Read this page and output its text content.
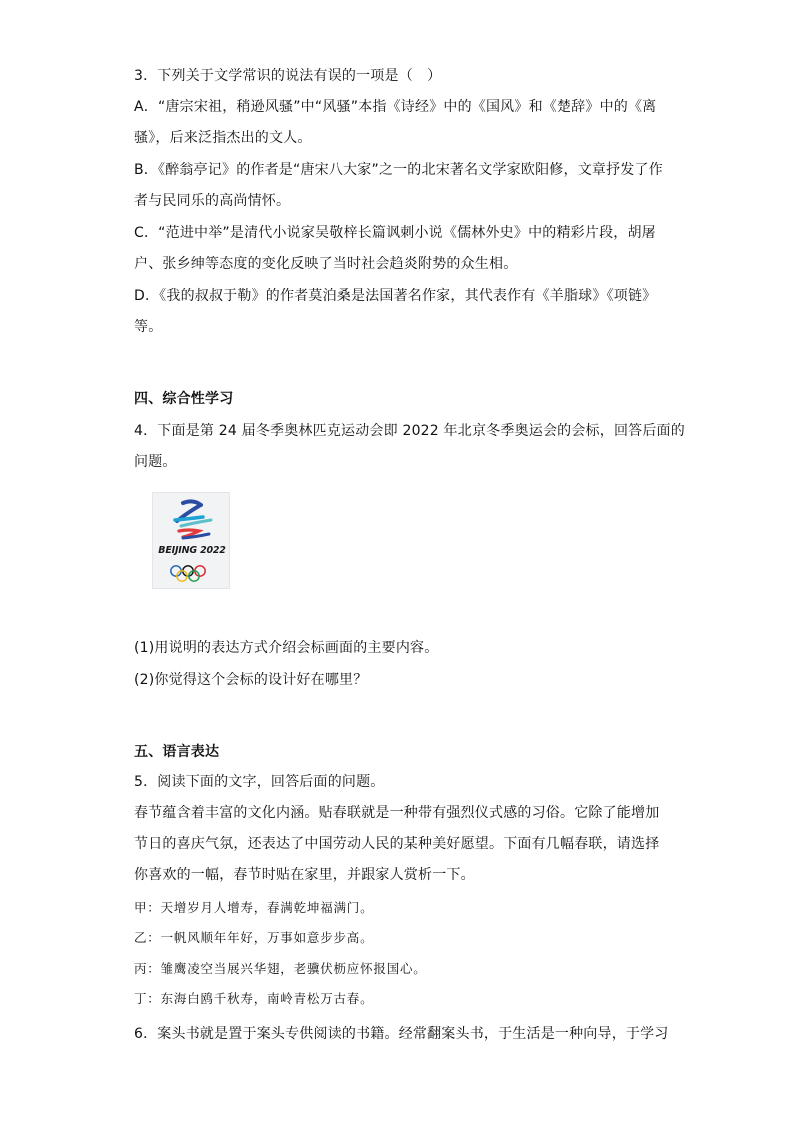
3．下列关于文学常识的说法有误的一项是（　）
A．“唐宗宋祖，稍逊风骚”中“风骚”本指《诗经》中的《国风》和《楚辞》中的《离
骚》，后来泛指杰出的文人。
B．《醉翁亭记》的作者是“唐宋八大家”之一的北宋著名文学家欧阳修，文章抒发了作
者与民同乐的高尚情怀。
C．“范进中举”是清代小说家吴敬梓长篇讽刺小说《儒林外史》中的精彩片段，胡屠
户、张乡绅等态度的变化反映了当时社会趋炎附势的众生相。
D．《我的叔叔于勒》的作者莫泊桑是法国著名作家，其代表作有《羊脂球》《项链》
等。
四、综合性学习
4．下面是第 24 届冬季奥林匹克运动会即 2022 年北京冬季奥运会的会标，回答后面的
问题。
BEIJING 2022
(1)用说明的表达方式介绍会标画面的主要内容。
(2)你觉得这个会标的设计好在哪里？
五、语言表达
5．阅读下面的文字，回答后面的问题。
春节蕴含着丰富的文化内涵。贴春联就是一种带有强烈仪式感的习俗。它除了能增加
节日的喜庆气氛，还表达了中国劳动人民的某种美好愿望。下面有几幅春联，请选择
你喜欢的一幅，春节时贴在家里，并跟家人赏析一下。
甲：天增岁月人增寿，春满乾坤福满门。
乙：一帆风顺年年好，万事如意步步高。
丙：雏鹰凌空当展兴华翅，老骥伏枥应怀报国心。
丁：东海白鸥千秋寿，南岭青松万古春。
6．案头书就是置于案头专供阅读的书籍。经常翻案头书，于生活是一种向导，于学习
